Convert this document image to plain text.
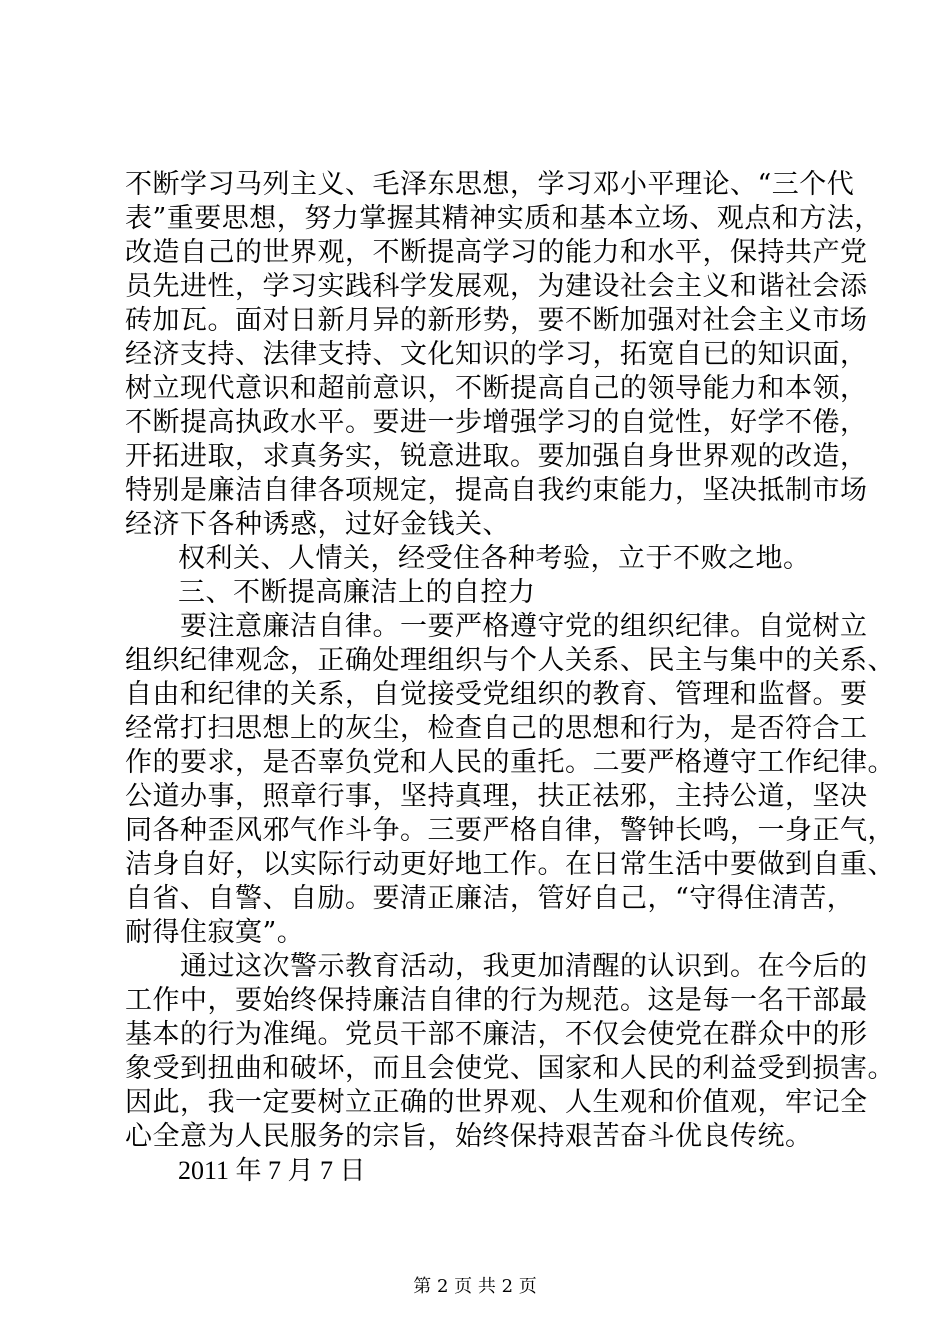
不断学习马列主义、毛泽东思想，学习邓小平理论、“三个代
表”重要思想，努力掌握其精神实质和基本立场、观点和方法，
改造自己的世界观，不断提高学习的能力和水平，保持共产党
员先进性，学习实践科学发展观，为建设社会主义和谐社会添
砖加瓦。面对日新月异的新形势，要不断加强对社会主义市场
经济支持、法律支持、文化知识的学习，拓宽自已的知识面，
树立现代意识和超前意识，不断提高自己的领导能力和本领，
不断提高执政水平。要进一步增强学习的自觉性，好学不倦，
开拓进取，求真务实，锐意进取。要加强自身世界观的改造，
特别是廉洁自律各项规定，提高自我约束能力，坚决抵制市场
经济下各种诱惑，过好金钱关、
权利关、人情关，经受住各种考验，立于不败之地。
三、不断提高廉洁上的自控力
要注意廉洁自律。一要严格遵守党的组织纪律。自觉树立
组织纪律观念，正确处理组织与个人关系、民主与集中的关系、
自由和纪律的关系，自觉接受党组织的教育、管理和监督。要
经常打扫思想上的灰尘，检查自己的思想和行为，是否符合工
作的要求，是否辜负党和人民的重托。二要严格遵守工作纪律。
公道办事，照章行事，坚持真理，扶正祛邪，主持公道，坚决
同各种歪风邪气作斗争。三要严格自律，警钟长鸣，一身正气，
洁身自好，以实际行动更好地工作。在日常生活中要做到自重、
自省、自警、自励。要清正廉洁，管好自己，“守得住清苦，
耐得住寂寞”。
通过这次警示教育活动，我更加清醒的认识到。在今后的
工作中，要始终保持廉洁自律的行为规范。这是每一名干部最
基本的行为准绳。党员干部不廉洁，不仅会使党在群众中的形
象受到扭曲和破坏，而且会使党、国家和人民的利益受到损害。
因此，我一定要树立正确的世界观、人生观和价值观，牢记全
心全意为人民服务的宗旨，始终保持艰苦奋斗优良传统。
2011 年 7 月 7 日
第 2 页 共 2 页
